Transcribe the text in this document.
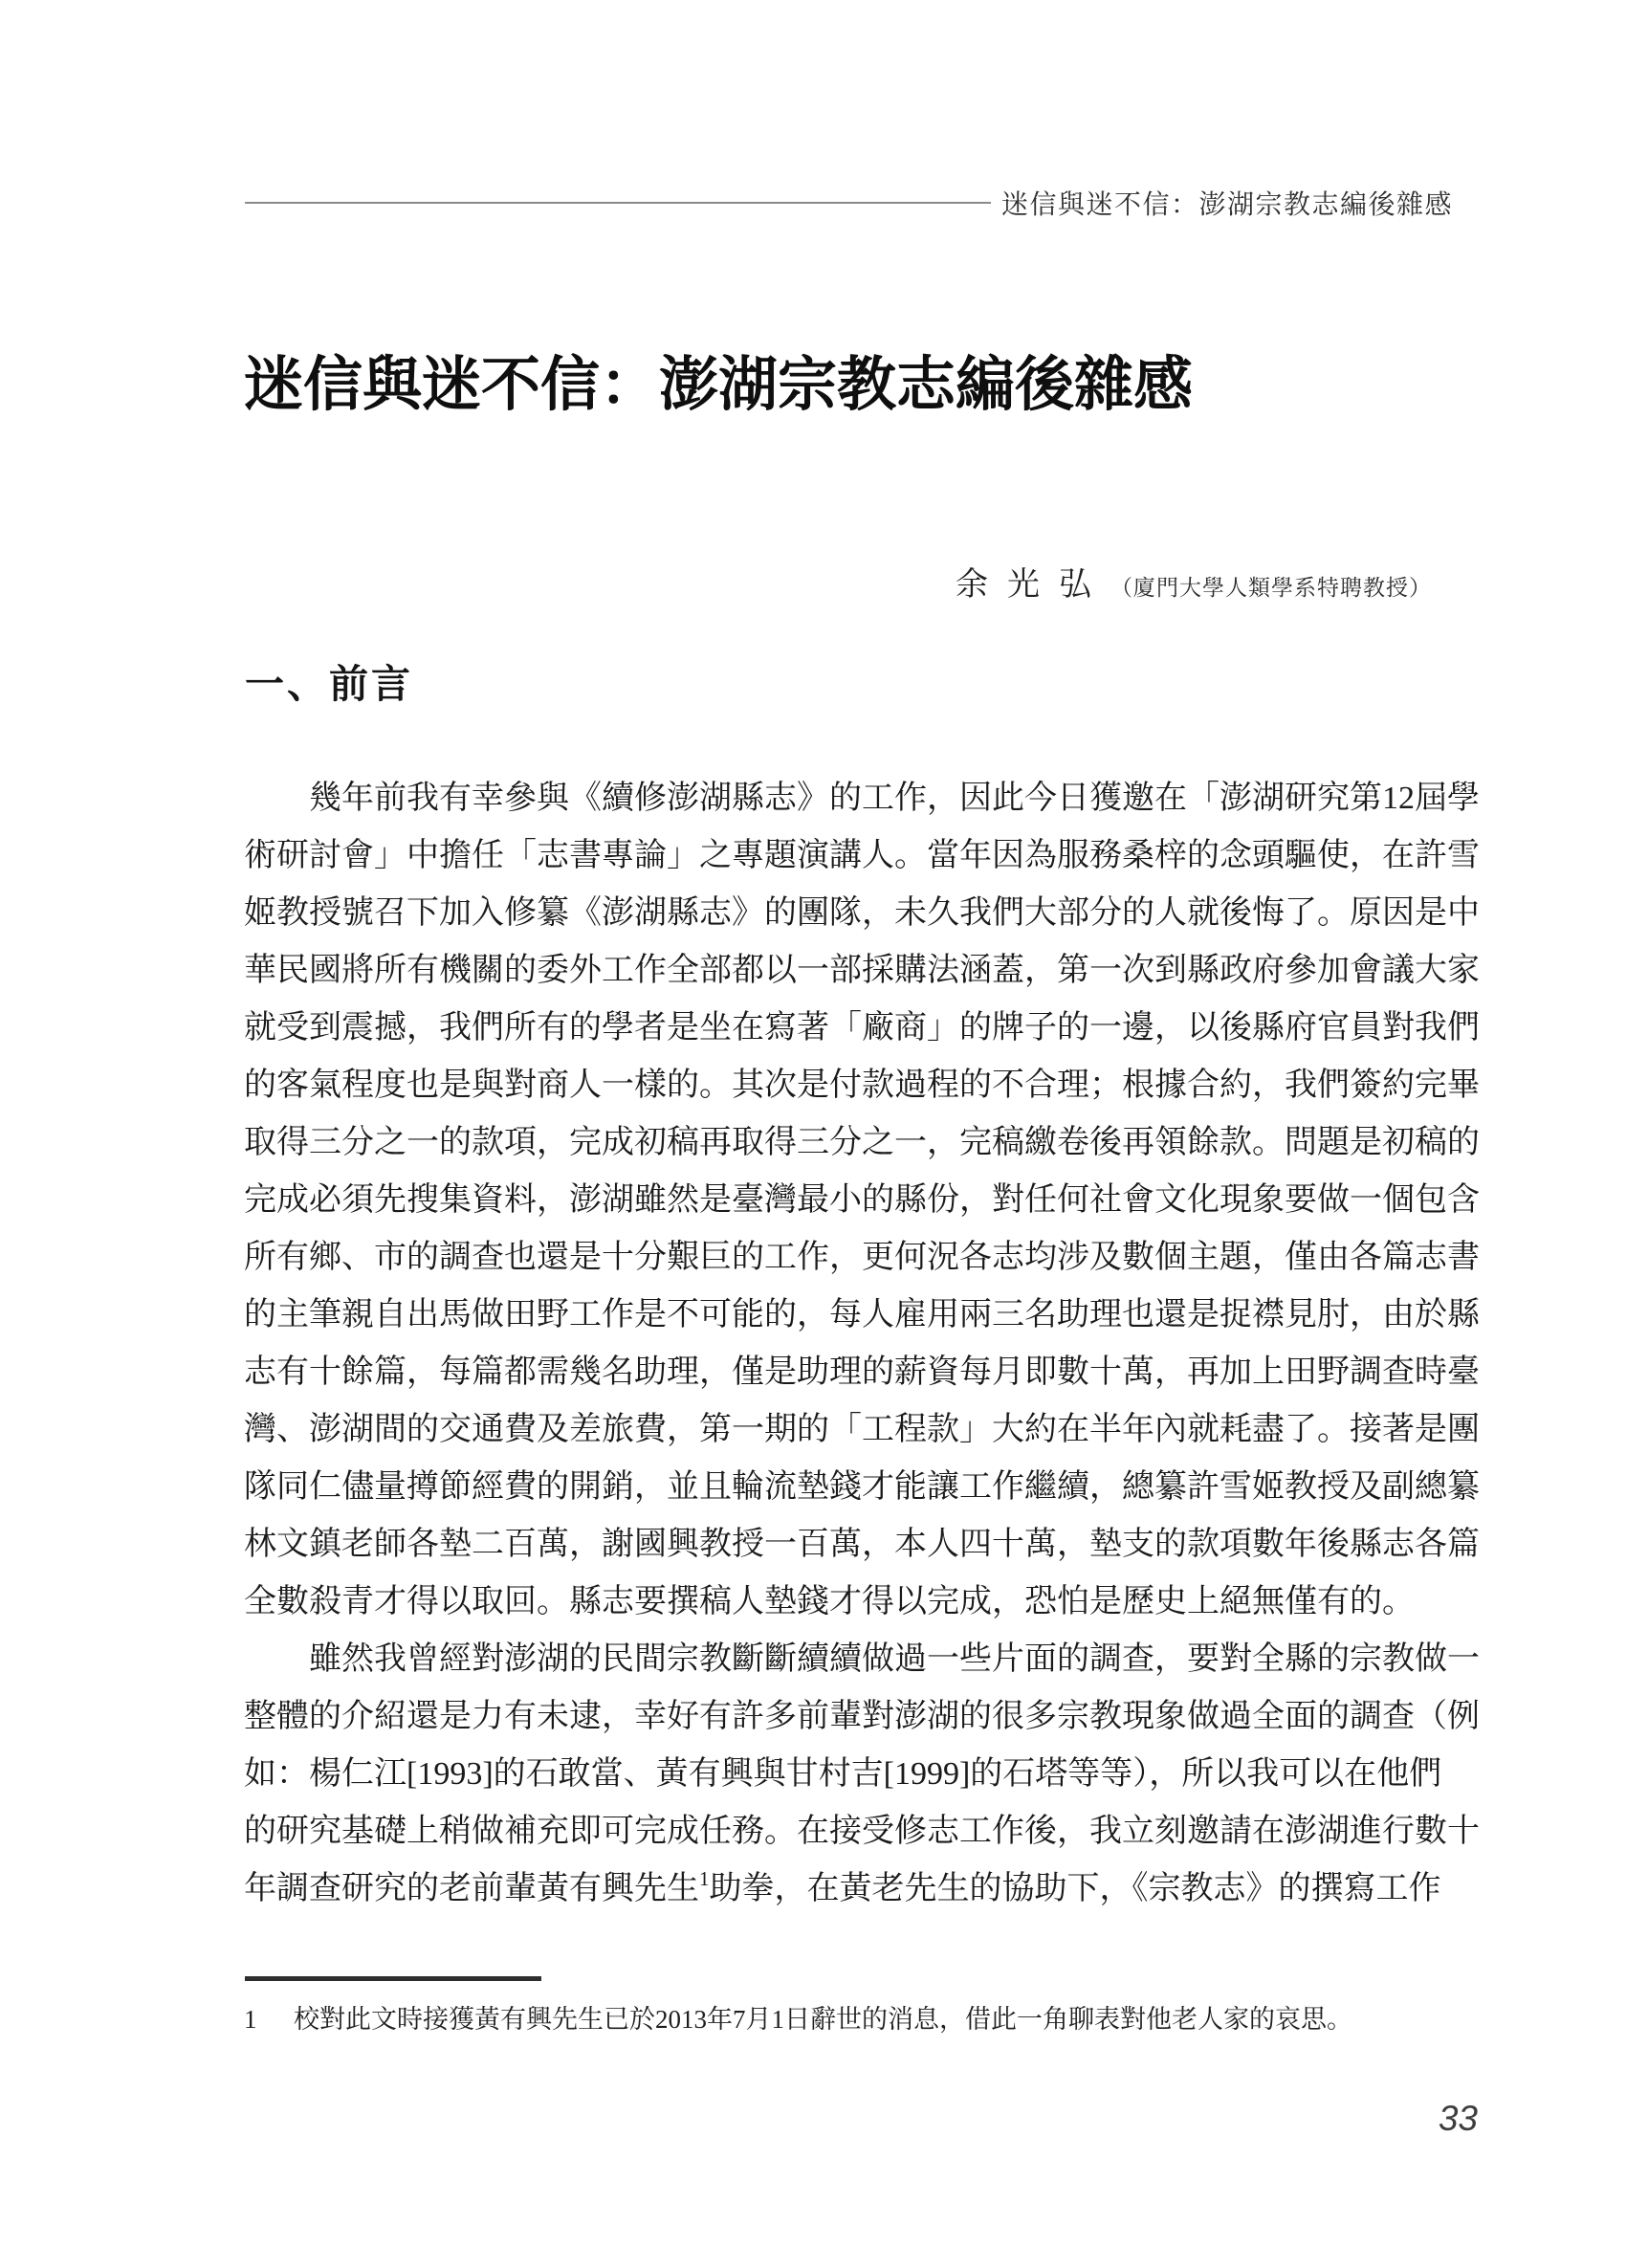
迷信與迷不信：澎湖宗教志編後雜感
迷信與迷不信：澎湖宗教志編後雜感
余光弘 （廈門大學人類學系特聘教授）
一、前言
幾年前我有幸參與《續修澎湖縣志》的工作，因此今日獲邀在「澎湖研究第12屆學
術研討會」中擔任「志書專論」之專題演講人。當年因為服務桑梓的念頭驅使，在許雪
姬教授號召下加入修纂《澎湖縣志》的團隊，未久我們大部分的人就後悔了。原因是中
華民國將所有機關的委外工作全部都以一部採購法涵蓋，第一次到縣政府參加會議大家
就受到震撼，我們所有的學者是坐在寫著「廠商」的牌子的一邊，以後縣府官員對我們
的客氣程度也是與對商人一樣的。其次是付款過程的不合理；根據合約，我們簽約完畢
取得三分之一的款項，完成初稿再取得三分之一，完稿繳卷後再領餘款。問題是初稿的
完成必須先搜集資料，澎湖雖然是臺灣最小的縣份，對任何社會文化現象要做一個包含
所有鄉、市的調查也還是十分艱巨的工作，更何況各志均涉及數個主題，僅由各篇志書
的主筆親自出馬做田野工作是不可能的，每人雇用兩三名助理也還是捉襟見肘，由於縣
志有十餘篇，每篇都需幾名助理，僅是助理的薪資每月即數十萬，再加上田野調查時臺
灣、澎湖間的交通費及差旅費，第一期的「工程款」大約在半年內就耗盡了。接著是團
隊同仁儘量撙節經費的開銷，並且輪流墊錢才能讓工作繼續，總纂許雪姬教授及副總纂
林文鎮老師各墊二百萬，謝國興教授一百萬，本人四十萬，墊支的款項數年後縣志各篇
全數殺青才得以取回。縣志要撰稿人墊錢才得以完成，恐怕是歷史上絕無僅有的。
雖然我曾經對澎湖的民間宗教斷斷續續做過一些片面的調查，要對全縣的宗教做一
整體的介紹還是力有未逮，幸好有許多前輩對澎湖的很多宗教現象做過全面的調查（例
如：楊仁江[1993]的石敢當、黃有興與甘村吉[1999]的石塔等等），所以我可以在他們
的研究基礎上稍做補充即可完成任務。在接受修志工作後，我立刻邀請在澎湖進行數十
年調查研究的老前輩黃有興先生$^1$助拳，在黃老先生的協助下，《宗教志》的撰寫工作
1 校對此文時接獲黃有興先生已於2013年7月1日辭世的消息，借此一角聊表對他老人家的哀思。
33
